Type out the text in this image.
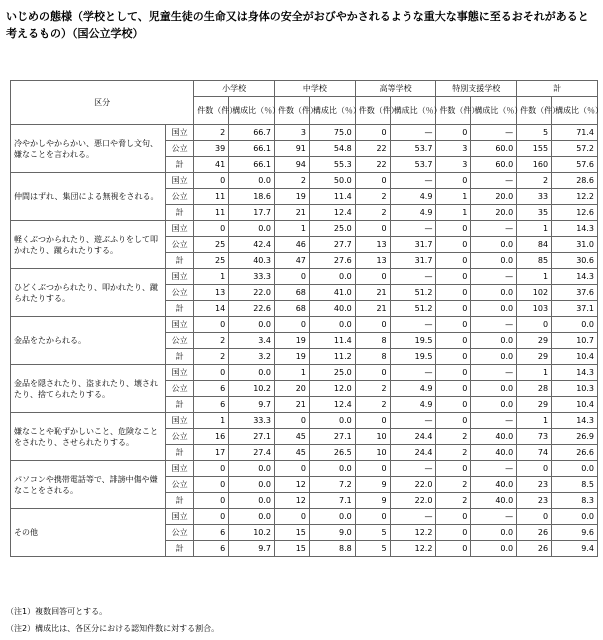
いじめの態様（学校として、児童生徒の生命又は身体の安全がおびやかされるような重大な事態に至るおそれがあると考えるもの）（国公立学校）
区分		小学校		中学校		高等学校		特別支援学校		計	
		件数（件）	構成比（％）	件数（件）	構成比（％）	件数（件）	構成比（％）	件数（件）	構成比（％）	件数（件）	構成比（％）
冷やかしやからかい、悪口や脅し文句、嫌なことを言われる。	国立	2	66.7	3	75.0	0	—	0	—	5	71.4
	公立	39	66.1	91	54.8	22	53.7	3	60.0	155	57.2
	計	41	66.1	94	55.3	22	53.7	3	60.0	160	57.6
仲間はずれ、集団による無視をされる。	国立	0	0.0	2	50.0	0	—	0	—	2	28.6
	公立	11	18.6	19	11.4	2	4.9	1	20.0	33	12.2
	計	11	17.7	21	12.4	2	4.9	1	20.0	35	12.6
軽くぶつかられたり、遊ぶふりをして叩かれたり、蹴られたりする。	国立	0	0.0	1	25.0	0	—	0	—	1	14.3
	公立	25	42.4	46	27.7	13	31.7	0	0.0	84	31.0
	計	25	40.3	47	27.6	13	31.7	0	0.0	85	30.6
ひどくぶつかられたり、叩かれたり、蹴られたりする。	国立	1	33.3	0	0.0	0	—	0	—	1	14.3
	公立	13	22.0	68	41.0	21	51.2	0	0.0	102	37.6
	計	14	22.6	68	40.0	21	51.2	0	0.0	103	37.1
金品をたかられる。	国立	0	0.0	0	0.0	0	—	0	—	0	0.0
	公立	2	3.4	19	11.4	8	19.5	0	0.0	29	10.7
	計	2	3.2	19	11.2	8	19.5	0	0.0	29	10.4
金品を隠されたり、盗まれたり、壊されたり、捨てられたりする。	国立	0	0.0	1	25.0	0	—	0	—	1	14.3
	公立	6	10.2	20	12.0	2	4.9	0	0.0	28	10.3
	計	6	9.7	21	12.4	2	4.9	0	0.0	29	10.4
嫌なことや恥ずかしいこと、危険なことをされたり、させられたりする。	国立	1	33.3	0	0.0	0	—	0	—	1	14.3
	公立	16	27.1	45	27.1	10	24.4	2	40.0	73	26.9
	計	17	27.4	45	26.5	10	24.4	2	40.0	74	26.6
パソコンや携帯電話等で、誹謗中傷や嫌なことをされる。	国立	0	0.0	0	0.0	0	—	0	—	0	0.0
	公立	0	0.0	12	7.2	9	22.0	2	40.0	23	8.5
	計	0	0.0	12	7.1	9	22.0	2	40.0	23	8.3
その他	国立	0	0.0	0	0.0	0	—	0	—	0	0.0
	公立	6	10.2	15	9.0	5	12.2	0	0.0	26	9.6
	計	6	9.7	15	8.8	5	12.2	0	0.0	26	9.4
（注1）複数回答可とする。
（注2）構成比は、各区分における認知件数に対する割合。
